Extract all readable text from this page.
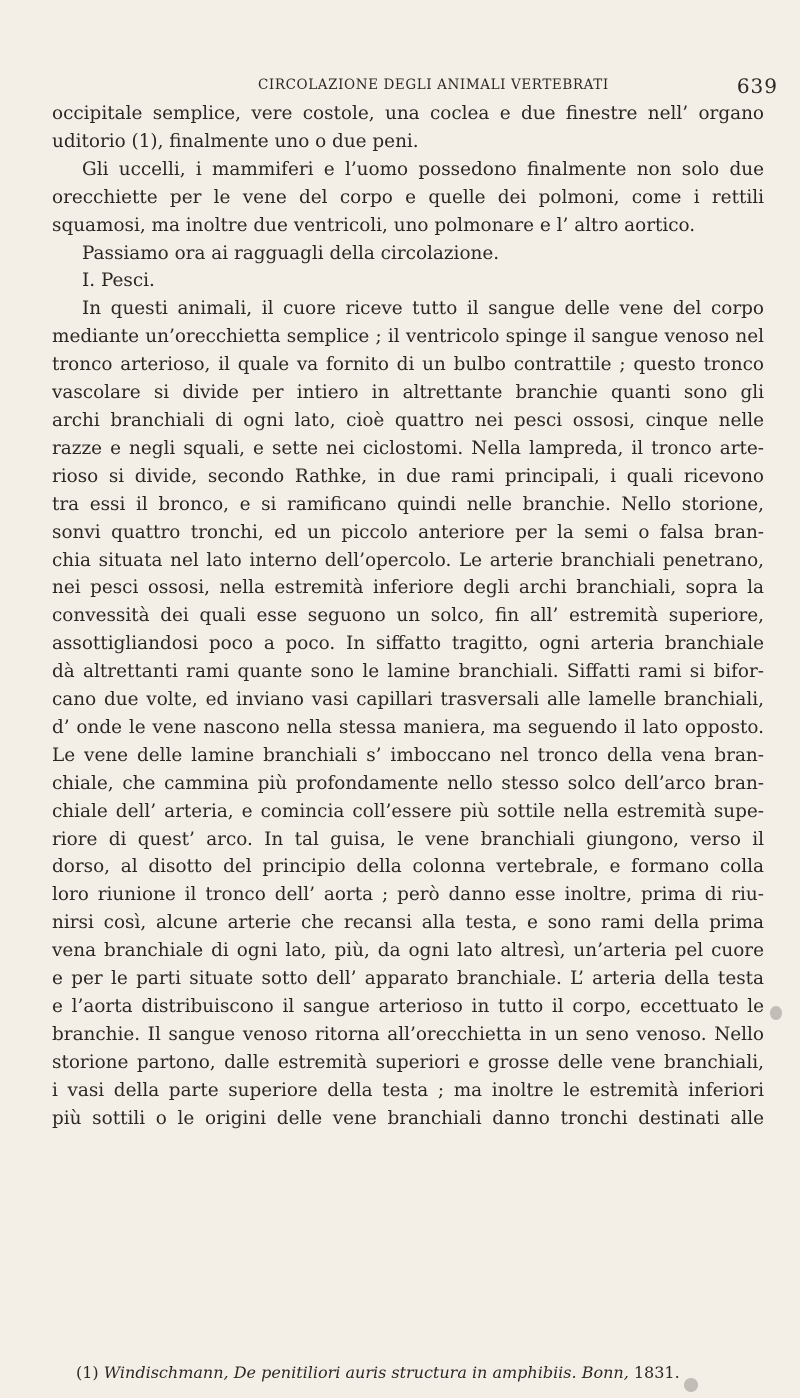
CIRCOLAZIONE DEGLI ANIMALI VERTEBRATI	639
occipitale semplice, vere costole, una coclea e due finestre nell’ organo
uditorio (1), finalmente uno o due peni.
Gli uccelli, i mammiferi e l’uomo possedono finalmente non solo due
orecchiette per le vene del corpo e quelle dei polmoni, come i rettili
squamosi, ma inoltre due ventricoli, uno polmonare e l’ altro aortico.
Passiamo ora ai ragguagli della circolazione.
I. Pesci.
In questi animali, il cuore riceve tutto il sangue delle vene del corpo
mediante un’orecchietta semplice ; il ventricolo spinge il sangue venoso nel
tronco arterioso, il quale va fornito di un bulbo contrattile ; questo tronco
vascolare si divide per intiero in altrettante branchie quanti sono gli
archi branchiali di ogni lato, cioè quattro nei pesci ossosi, cinque nelle
razze e negli squali, e sette nei ciclostomi. Nella lampreda, il tronco arte-
rioso si divide, secondo Rathke, in due rami principali, i quali ricevono
tra essi il bronco, e si ramificano quindi nelle branchie. Nello storione,
sonvi quattro tronchi, ed un piccolo anteriore per la semi o falsa bran-
chia situata nel lato interno dell’opercolo. Le arterie branchiali penetrano,
nei pesci ossosi, nella estremità inferiore degli archi branchiali, sopra la
convessità dei quali esse seguono un solco, fin all’ estremità superiore,
assottigliandosi poco a poco. In siffatto tragitto, ogni arteria branchiale
dà altrettanti rami quante sono le lamine branchiali. Siffatti rami si bifor-
cano due volte, ed inviano vasi capillari trasversali alle lamelle branchiali,
d’ onde le vene nascono nella stessa maniera, ma seguendo il lato opposto.
Le vene delle lamine branchiali s’ imboccano nel tronco della vena bran-
chiale, che cammina più profondamente nello stesso solco dell’arco bran-
chiale dell’ arteria, e comincia coll’essere più sottile nella estremità supe-
riore di quest’ arco. In tal guisa, le vene branchiali giungono, verso il
dorso, al disotto del principio della colonna vertebrale, e formano colla
loro riunione il tronco dell’ aorta ; però danno esse inoltre, prima di riu-
nirsi così, alcune arterie che recansi alla testa, e sono rami della prima
vena branchiale di ogni lato, più, da ogni lato altresì, un’arteria pel cuore
e per le parti situate sotto dell’ apparato branchiale. L’ arteria della testa
e l’aorta distribuiscono il sangue arterioso in tutto il corpo, eccettuato le
branchie. Il sangue venoso ritorna all’orecchietta in un seno venoso. Nello
storione partono, dalle estremità superiori e grosse delle vene branchiali,
i vasi della parte superiore della testa ; ma inoltre le estremità inferiori
più sottili o le origini delle vene branchiali danno tronchi destinati alle
(1) Windischmann, De penitiliori auris structura in amphibiis. Bonn, 1831.
